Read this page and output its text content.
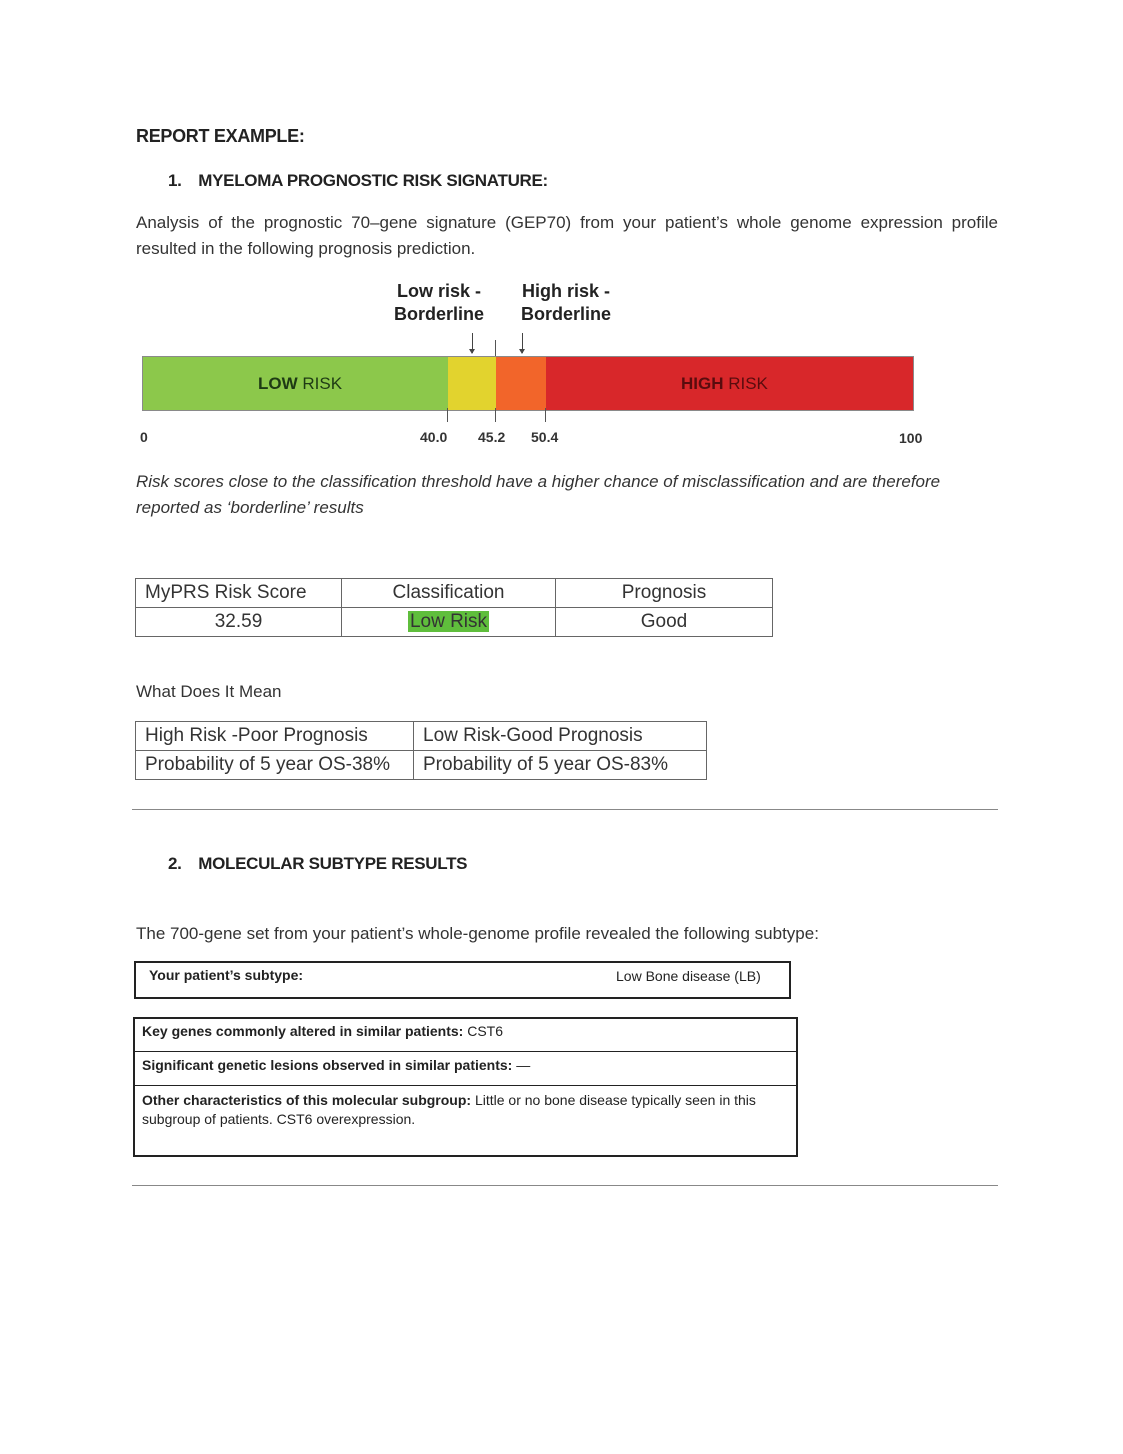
REPORT EXAMPLE:
1. MYELOMA PROGNOSTIC RISK SIGNATURE:
Analysis of the prognostic 70–gene signature (GEP70) from your patient’s whole genome expression profile resulted in the following prognosis prediction.
Low risk -
Borderline
High risk -
Borderline
LOW RISK	HIGH RISK
0	40.0 45.2 50.4	100
Risk scores close to the classification threshold have a higher chance of misclassification and are therefore reported as ‘borderline’ results
MyPRS Risk Score	Classification	Prognosis
32.59	Low Risk	Good
What Does It Mean
High Risk -Poor Prognosis	Low Risk-Good Prognosis
Probability of 5 year OS-38%	Probability of 5 year OS-83%
2. MOLECULAR SUBTYPE RESULTS
The 700-gene set from your patient’s whole-genome profile revealed the following subtype:
Your patient’s subtype:	Low Bone disease (LB)
Key genes commonly altered in similar patients: CST6
Significant genetic lesions observed in similar patients: —
Other characteristics of this molecular subgroup: Little or no bone disease typically seen in this subgroup of patients. CST6 overexpression.
